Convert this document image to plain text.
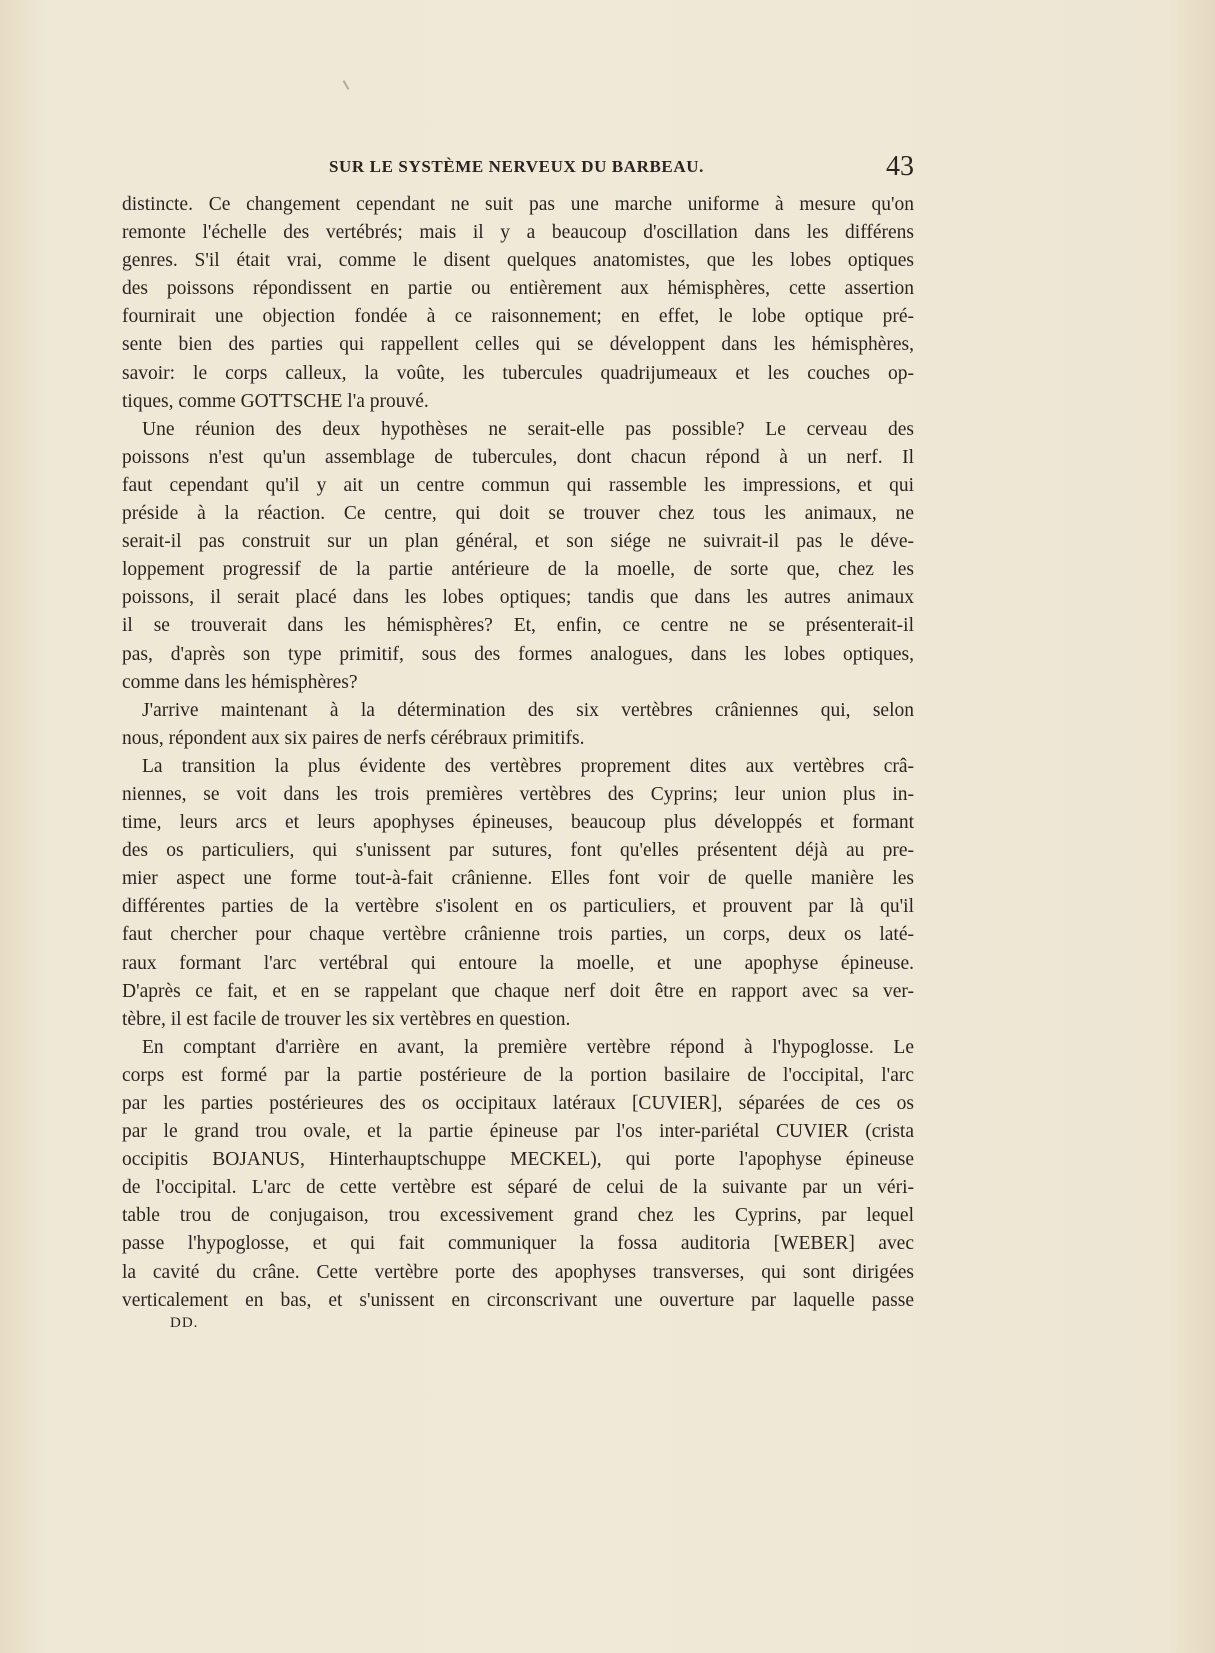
SUR LE SYSTÈME NERVEUX DU BARBEAU.	43
distincte. Ce changement cependant ne suit pas une marche uniforme à mesure qu'on
remonte l'échelle des vertébrés; mais il y a beaucoup d'oscillation dans les différens
genres. S'il était vrai, comme le disent quelques anatomistes, que les lobes optiques
des poissons répondissent en partie ou entièrement aux hémisphères, cette assertion
fournirait une objection fondée à ce raisonnement; en effet, le lobe optique pré-
sente bien des parties qui rappellent celles qui se développent dans les hémisphères,
savoir: le corps calleux, la voûte, les tubercules quadrijumeaux et les couches op-
tiques, comme GOTTSCHE l'a prouvé.
Une réunion des deux hypothèses ne serait-elle pas possible? Le cerveau des
poissons n'est qu'un assemblage de tubercules, dont chacun répond à un nerf. Il
faut cependant qu'il y ait un centre commun qui rassemble les impressions, et qui
préside à la réaction. Ce centre, qui doit se trouver chez tous les animaux, ne
serait-il pas construit sur un plan général, et son siége ne suivrait-il pas le déve-
loppement progressif de la partie antérieure de la moelle, de sorte que, chez les
poissons, il serait placé dans les lobes optiques; tandis que dans les autres animaux
il se trouverait dans les hémisphères? Et, enfin, ce centre ne se présenterait-il
pas, d'après son type primitif, sous des formes analogues, dans les lobes optiques,
comme dans les hémisphères?
J'arrive maintenant à la détermination des six vertèbres crâniennes qui, selon
nous, répondent aux six paires de nerfs cérébraux primitifs.
La transition la plus évidente des vertèbres proprement dites aux vertèbres crâ-
niennes, se voit dans les trois premières vertèbres des Cyprins; leur union plus in-
time, leurs arcs et leurs apophyses épineuses, beaucoup plus développés et formant
des os particuliers, qui s'unissent par sutures, font qu'elles présentent déjà au pre-
mier aspect une forme tout-à-fait crânienne. Elles font voir de quelle manière les
différentes parties de la vertèbre s'isolent en os particuliers, et prouvent par là qu'il
faut chercher pour chaque vertèbre crânienne trois parties, un corps, deux os laté-
raux formant l'arc vertébral qui entoure la moelle, et une apophyse épineuse.
D'après ce fait, et en se rappelant que chaque nerf doit être en rapport avec sa ver-
tèbre, il est facile de trouver les six vertèbres en question.
En comptant d'arrière en avant, la première vertèbre répond à l'hypoglosse. Le
corps est formé par la partie postérieure de la portion basilaire de l'occipital, l'arc
par les parties postérieures des os occipitaux latéraux [CUVIER], séparées de ces os
par le grand trou ovale, et la partie épineuse par l'os inter-pariétal CUVIER (crista
occipitis BOJANUS, Hinterhauptschuppe MECKEL), qui porte l'apophyse épineuse
de l'occipital. L'arc de cette vertèbre est séparé de celui de la suivante par un véri-
table trou de conjugaison, trou excessivement grand chez les Cyprins, par lequel
passe l'hypoglosse, et qui fait communiquer la fossa auditoria [WEBER] avec
la cavité du crâne. Cette vertèbre porte des apophyses transverses, qui sont dirigées
verticalement en bas, et s'unissent en circonscrivant une ouverture par laquelle passe
DD.
